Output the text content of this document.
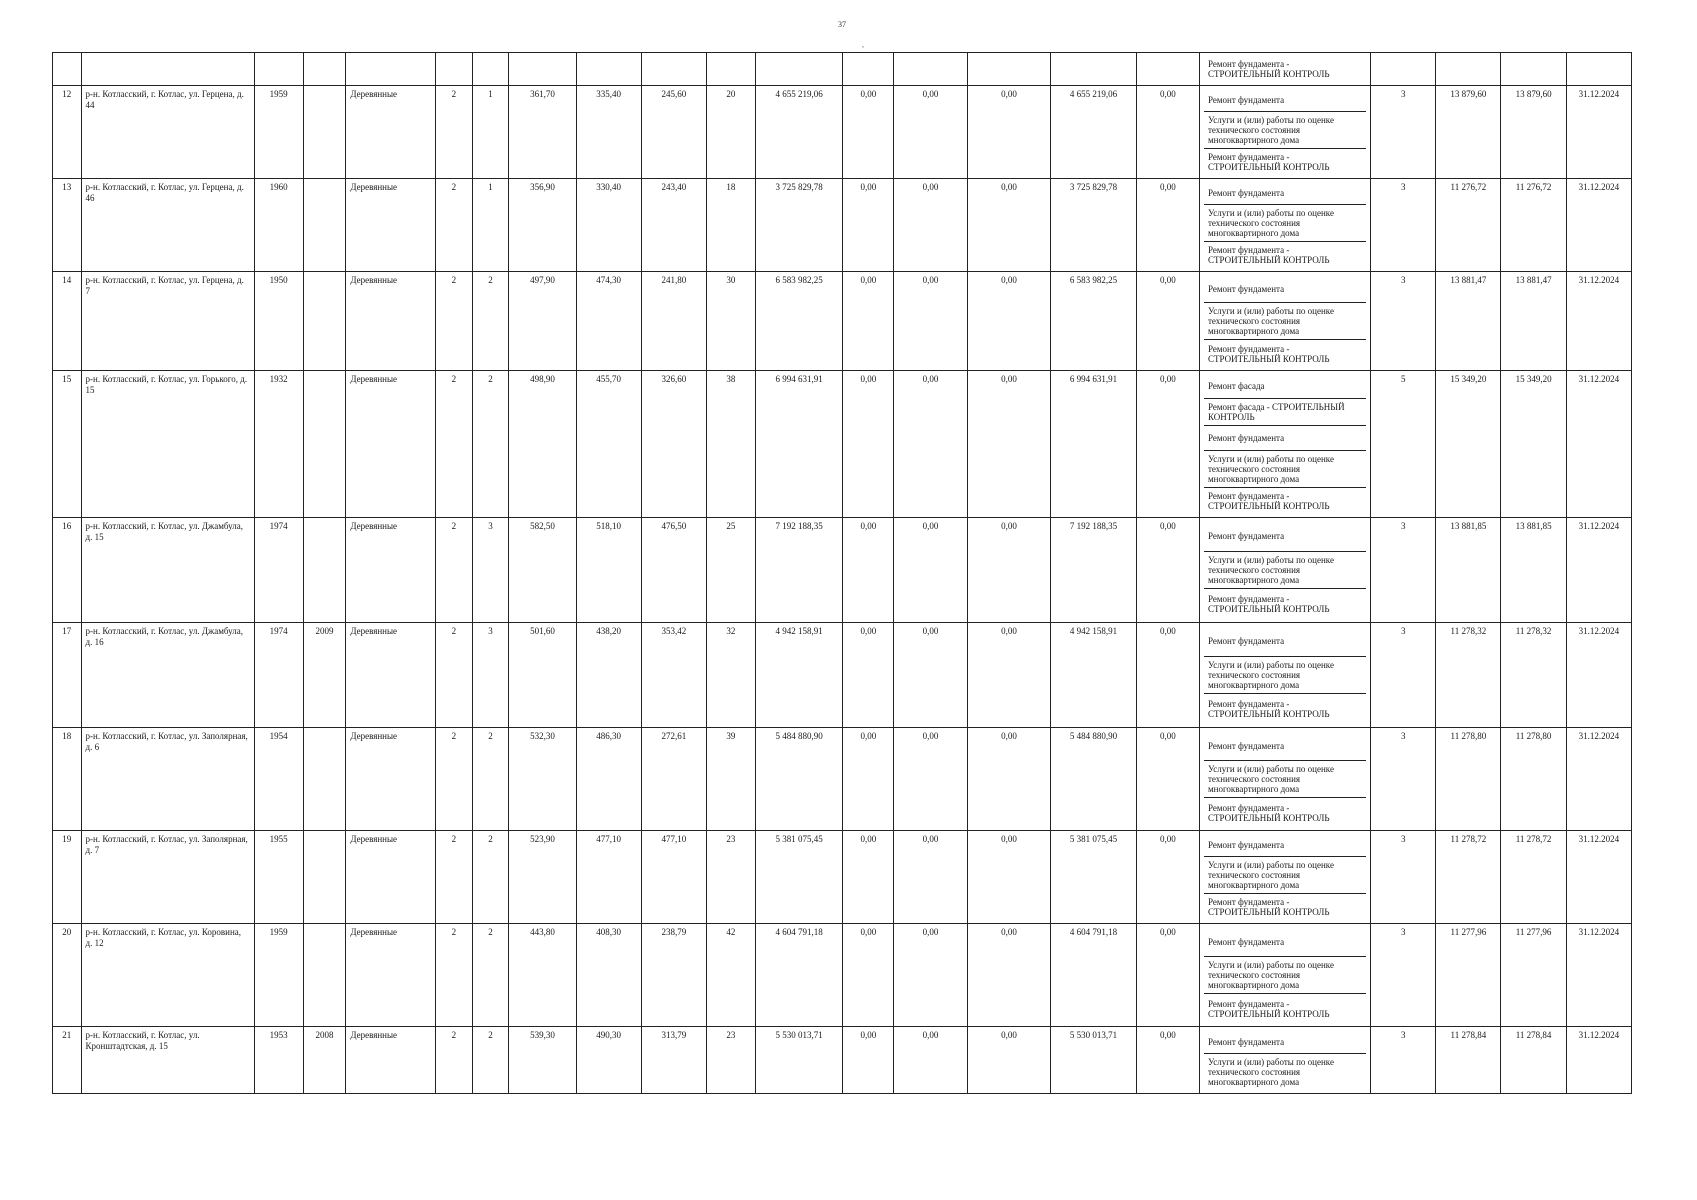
37
,

Ремонт фундамента - СТРОИТЕЛЬНЫЙ КОНТРОЛЬ				

12	р-н. Котласский, г. Котлас, ул. Герцена, д. 44	1959		Деревянные	2	1	361,70	335,40	245,60	20	4 655 219,06	0,00	0,00	0,00	4 655 219,06	0,00	Ремонт фундамента
Услуги и (или) работы по оценке технического состояния многоквартирного дома
Ремонт фундамента - СТРОИТЕЛЬНЫЙ КОНТРОЛЬ	3	13 879,60	13 879,60	31.12.2024
13	р-н. Котласский, г. Котлас, ул. Герцена, д. 46	1960		Деревянные	2	1	356,90	330,40	243,40	18	3 725 829,78	0,00	0,00	0,00	3 725 829,78	0,00	Ремонт фундамента
Услуги и (или) работы по оценке технического состояния многоквартирного дома
Ремонт фундамента - СТРОИТЕЛЬНЫЙ КОНТРОЛЬ	3	11 276,72	11 276,72	31.12.2024
14	р-н. Котласский, г. Котлас, ул. Герцена, д. 7	1950		Деревянные	2	2	497,90	474,30	241,80	30	6 583 982,25	0,00	0,00	0,00	6 583 982,25	0,00	Ремонт фундамента
Услуги и (или) работы по оценке технического состояния многоквартирного дома
Ремонт фундамента - СТРОИТЕЛЬНЫЙ КОНТРОЛЬ	3	13 881,47	13 881,47	31.12.2024
15	р-н. Котласский, г. Котлас, ул. Горького, д. 15	1932		Деревянные	2	2	498,90	455,70	326,60	38	6 994 631,91	0,00	0,00	0,00	6 994 631,91	0,00	Ремонт фасада
Ремонт фасада - СТРОИТЕЛЬНЫЙ КОНТРОЛЬ
Ремонт фундамента
Услуги и (или) работы по оценке технического состояния многоквартирного дома
Ремонт фундамента - СТРОИТЕЛЬНЫЙ КОНТРОЛЬ	5	15 349,20	15 349,20	31.12.2024
16	р-н. Котласский, г. Котлас, ул. Джамбула, д. 15	1974		Деревянные	2	3	582,50	518,10	476,50	25	7 192 188,35	0,00	0,00	0,00	7 192 188,35	0,00	Ремонт фундамента
Услуги и (или) работы по оценке технического состояния многоквартирного дома
Ремонт фундамента - СТРОИТЕЛЬНЫЙ КОНТРОЛЬ	3	13 881,85	13 881,85	31.12.2024
17	р-н. Котласский, г. Котлас, ул. Джамбула, д. 16	1974	2009	Деревянные	2	3	501,60	438,20	353,42	32	4 942 158,91	0,00	0,00	0,00	4 942 158,91	0,00	Ремонт фундамента
Услуги и (или) работы по оценке технического состояния многоквартирного дома
Ремонт фундамента - СТРОИТЕЛЬНЫЙ КОНТРОЛЬ	3	11 278,32	11 278,32	31.12.2024
18	р-н. Котласский, г. Котлас, ул. Заполярная, д. 6	1954		Деревянные	2	2	532,30	486,30	272,61	39	5 484 880,90	0,00	0,00	0,00	5 484 880,90	0,00	Ремонт фундамента
Услуги и (или) работы по оценке технического состояния многоквартирного дома
Ремонт фундамента - СТРОИТЕЛЬНЫЙ КОНТРОЛЬ	3	11 278,80	11 278,80	31.12.2024
19	р-н. Котласский, г. Котлас, ул. Заполярная, д. 7	1955		Деревянные	2	2	523,90	477,10	477,10	23	5 381 075,45	0,00	0,00	0,00	5 381 075,45	0,00	Ремонт фундамента
Услуги и (или) работы по оценке технического состояния многоквартирного дома
Ремонт фундамента - СТРОИТЕЛЬНЫЙ КОНТРОЛЬ	3	11 278,72	11 278,72	31.12.2024
20	р-н. Котласский, г. Котлас, ул. Коровина, д. 12	1959		Деревянные	2	2	443,80	408,30	238,79	42	4 604 791,18	0,00	0,00	0,00	4 604 791,18	0,00	Ремонт фундамента
Услуги и (или) работы по оценке технического состояния многоквартирного дома
Ремонт фундамента - СТРОИТЕЛЬНЫЙ КОНТРОЛЬ	3	11 277,96	11 277,96	31.12.2024
21	р-н. Котласский, г. Котлас, ул. Кронштадтская, д. 15	1953	2008	Деревянные	2	2	539,30	490,30	313,79	23	5 530 013,71	0,00	0,00	0,00	5 530 013,71	0,00	Ремонт фундамента
Услуги и (или) работы по оценке технического состояния многоквартирного дома	3	11 278,84	11 278,84	31.12.2024
